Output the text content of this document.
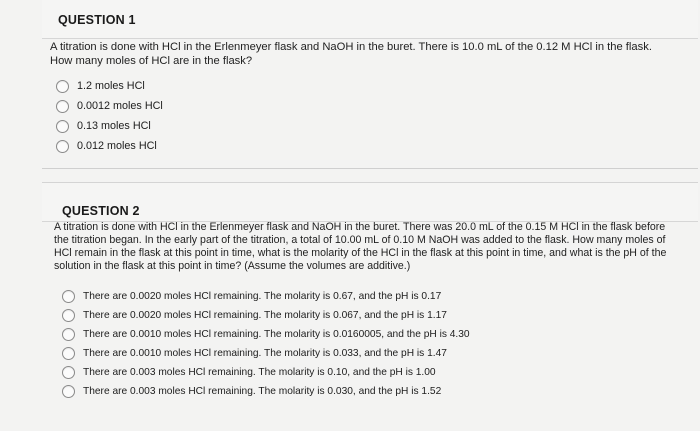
QUESTION 1
A titration is done with HCl in the Erlenmeyer flask and NaOH in the buret. There is 10.0 mL of the 0.12 M HCl in the flask. How many moles of HCl are in the flask?
1.2 moles HCl
0.0012 moles HCl
0.13 moles HCl
0.012 moles HCl
QUESTION 2
A titration is done with HCl in the Erlenmeyer flask and NaOH in the buret. There was 20.0 mL of the 0.15 M HCl in the flask before the titration began. In the early part of the titration, a total of 10.00 mL of 0.10 M NaOH was added to the flask. How many moles of HCl remain in the flask at this point in time, what is the molarity of the HCl in the flask at this point in time, and what is the pH of the solution in the flask at this point in time? (Assume the volumes are additive.)
There are 0.0020 moles HCl remaining. The molarity is 0.67, and the pH is 0.17
There are 0.0020 moles HCl remaining. The molarity is 0.067, and the pH is 1.17
There are 0.0010 moles HCl remaining. The molarity is 0.0160005, and the pH is 4.30
There are 0.0010 moles HCl remaining. The molarity is 0.033, and the pH is 1.47
There are 0.003 moles HCl remaining. The molarity is 0.10, and the pH is 1.00
There are 0.003 moles HCl remaining. The molarity is 0.030, and the pH is 1.52
